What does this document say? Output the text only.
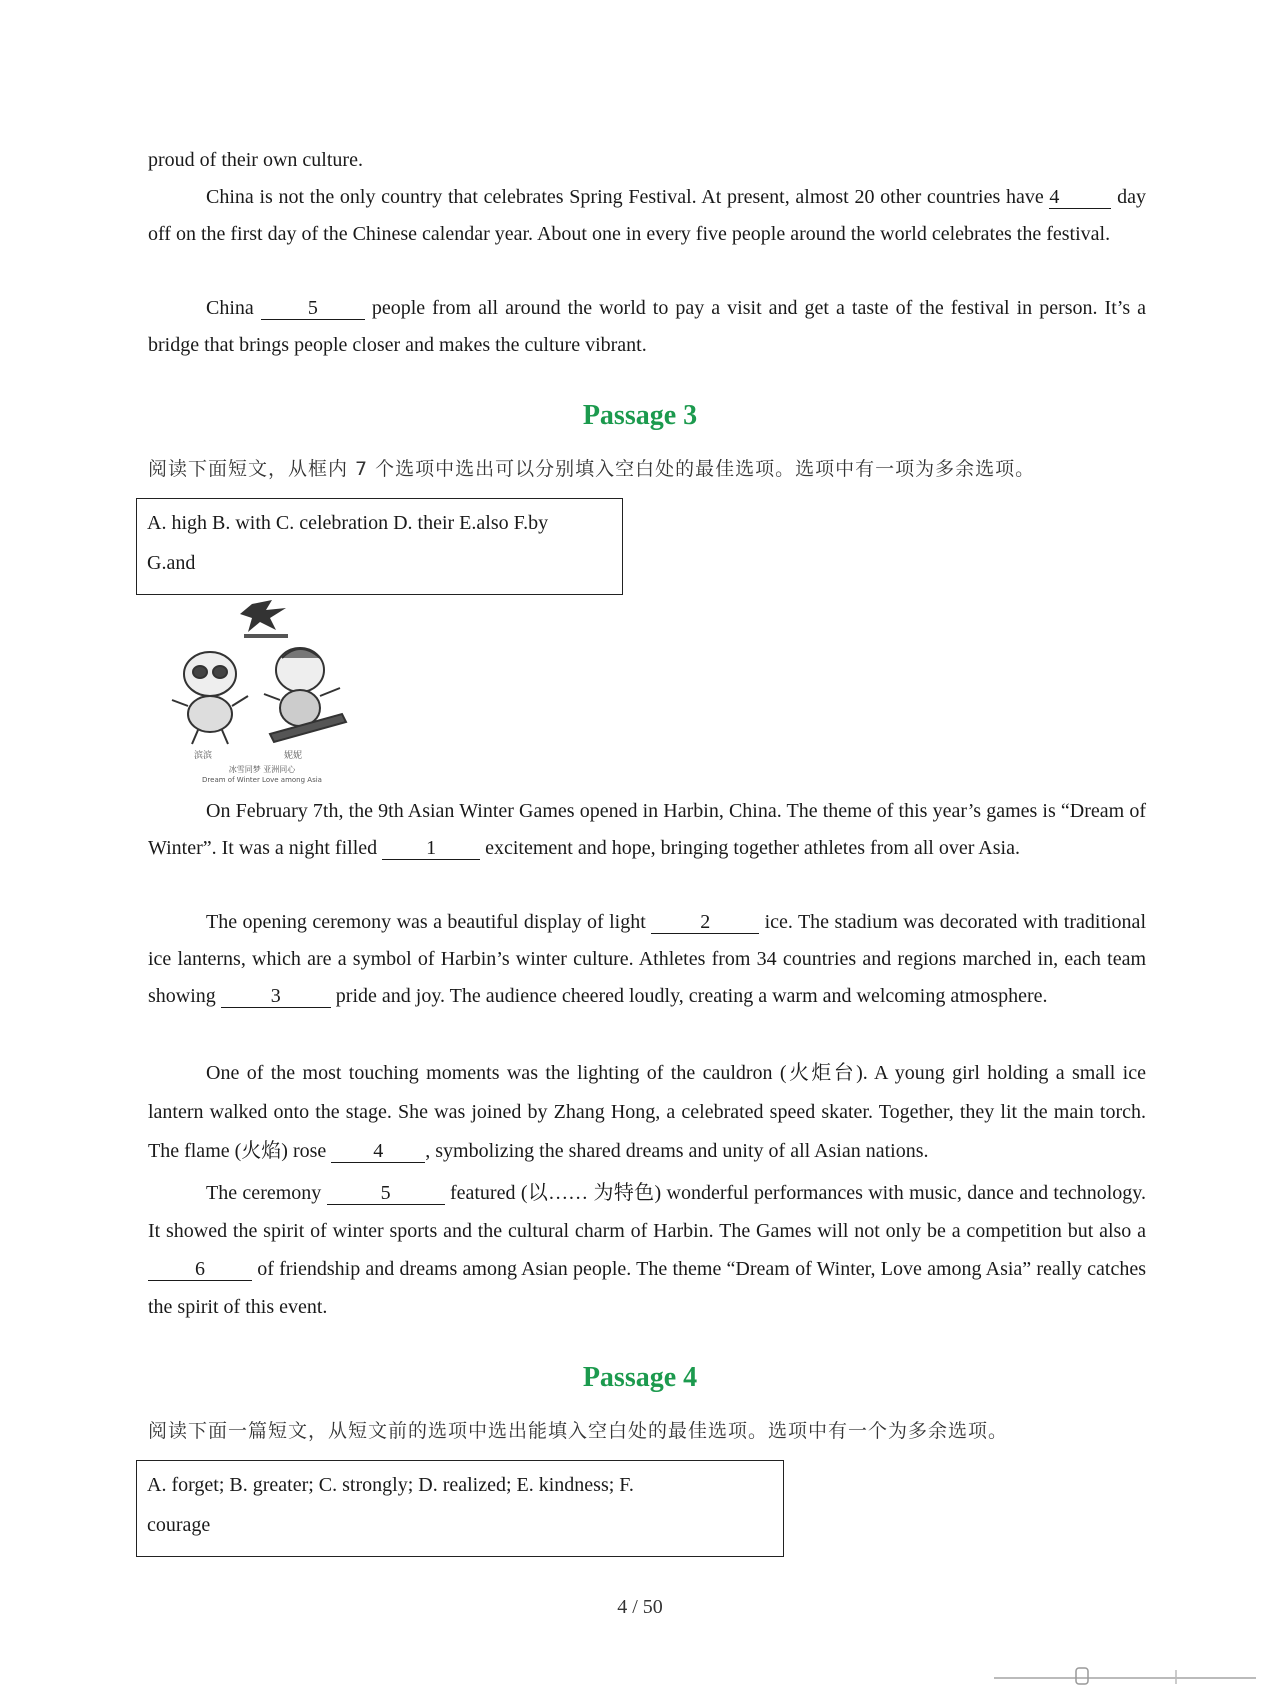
proud of their own culture.

China is not the only country that celebrates Spring Festival. At present, almost 20 other countries have 4	day off on the first day of the Chinese calendar year. About one in every five people around the world celebrates the festival.

China 5 people from all around the world to pay a visit and get a taste of the festival in person. It’s a bridge that brings people closer and makes the culture vibrant.

Passage 3

阅读下面短文，从框内 7 个选项中选出可以分别填入空白处的最佳选项。选项中有一项为多余选项。

A. high B. with C. celebration D. their E.also F.by
G.and
滨滨	妮妮
冰雪同梦 亚洲同心
Dream of Winter Love among Asia

On February 7th, the 9th Asian Winter Games opened in Harbin, China. The theme of this year’s games is “Dream of Winter”. It was a night filled 1 excitement and hope, bringing together athletes from all over Asia.

The opening ceremony was a beautiful display of light 2 ice. The stadium was decorated with traditional ice lanterns, which are a symbol of Harbin’s winter culture. Athletes from 34 countries and regions marched in, each team showing	3	pride and joy. The audience cheered loudly, creating a warm and welcoming atmosphere.

One of the most touching moments was the lighting of the cauldron (火炬台). A young girl holding a small ice lantern walked onto the stage. She was joined by Zhang Hong, a celebrated speed skater. Together, they lit the main torch. The flame (火焰) rose 4 , symbolizing the shared dreams and unity of all Asian nations.

The ceremony	5	featured (以…… 为特色) wonderful performances with music, dance and technology. It showed the spirit of winter sports and the cultural charm of Harbin. The Games will not only be a competition but also a 6 of friendship and dreams among Asian people. The theme “Dream of Winter, Love among Asia” really catches the spirit of this event.

Passage 4

阅读下面一篇短文，从短文前的选项中选出能填入空白处的最佳选项。选项中有一个为多余选项。

A. forget; B. greater; C. strongly; D. realized; E. kindness; F.
courage
4 / 50
